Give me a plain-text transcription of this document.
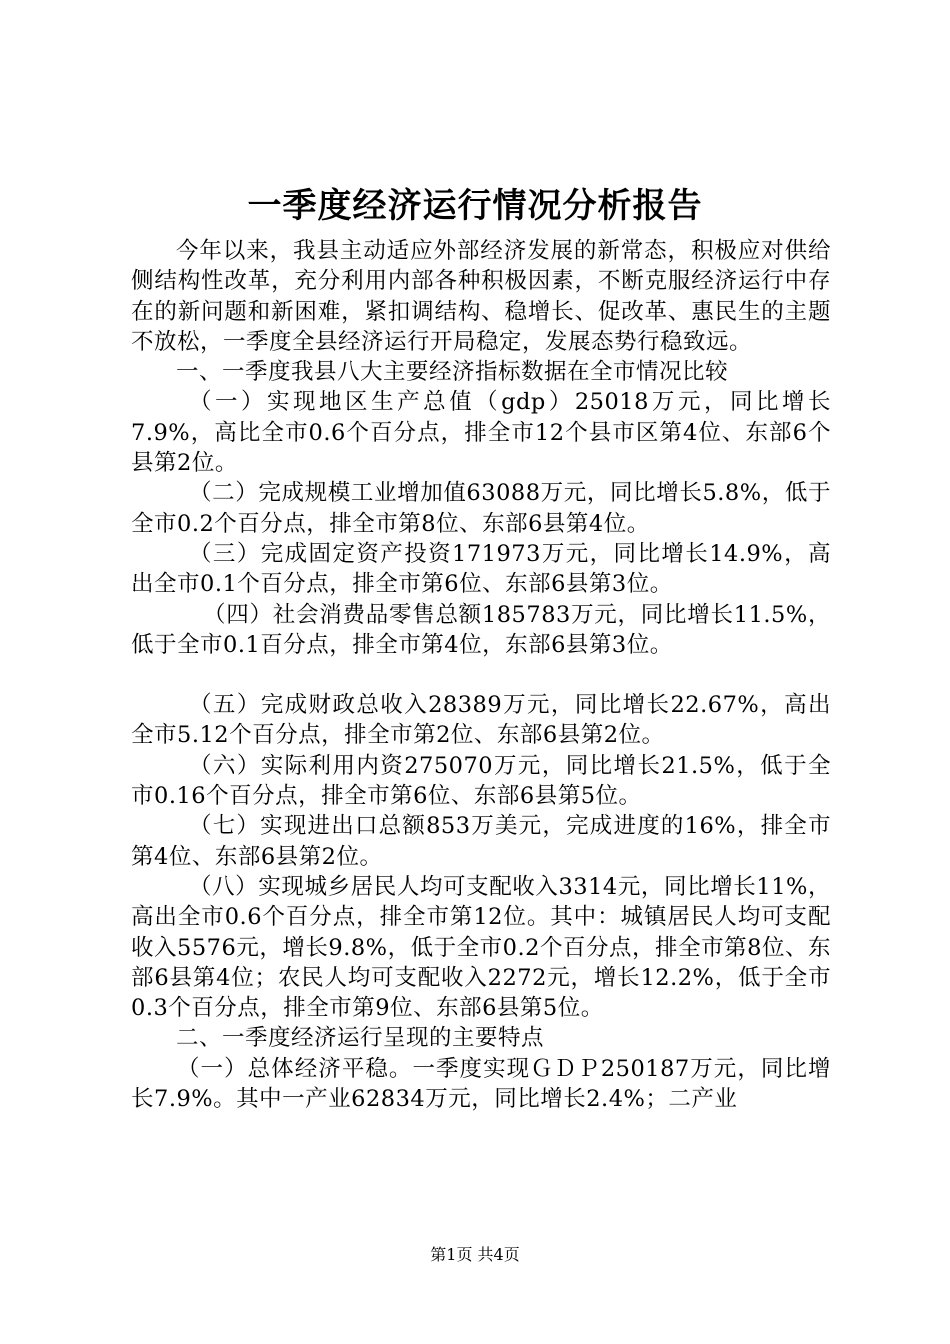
一季度经济运行情况分析报告

今年以来，我县主动适应外部经济发展的新常态，积极应对供给侧结构性改革，充分利用内部各种积极因素，不断克服经济运行中存在的新问题和新困难，紧扣调结构、稳增长、促改革、惠民生的主题不放松，一季度全县经济运行开局稳定，发展态势行稳致远。

一、一季度我县八大主要经济指标数据在全市情况比较

（一）实现地区生产总值（gdp）25018万元，同比增长7.9%，高比全市0.6个百分点，排全市12个县市区第4位、东部6个县第2位。

（二）完成规模工业增加值63088万元，同比增长5.8%，低于全市0.2个百分点，排全市第8位、东部6县第4位。

（三）完成固定资产投资171973万元，同比增长14.9%，高出全市0.1个百分点，排全市第6位、东部6县第3位。

（四）社会消费品零售总额185783万元，同比增长11.5%，低于全市0.1百分点，排全市第4位，东部6县第3位。

（五）完成财政总收入28389万元，同比增长22.67%，高出全市5.12个百分点，排全市第2位、东部6县第2位。

（六）实际利用内资275070万元，同比增长21.5%，低于全市0.16个百分点，排全市第6位、东部6县第5位。

（七）实现进出口总额853万美元，完成进度的16%，排全市第4位、东部6县第2位。

（八）实现城乡居民人均可支配收入3314元，同比增长11%，高出全市0.6个百分点，排全市第12位。其中：城镇居民人均可支配收入5576元，增长9.8%，低于全市0.2个百分点，排全市第8位、东部6县第4位；农民人均可支配收入2272元，增长12.2%，低于全市0.3个百分点，排全市第9位、东部6县第5位。

二、一季度经济运行呈现的主要特点

（一）总体经济平稳。一季度实现ＧＤＰ250187万元，同比增长7.9%。其中一产业62834万元，同比增长2.4%；二产业

第1页 共4页
